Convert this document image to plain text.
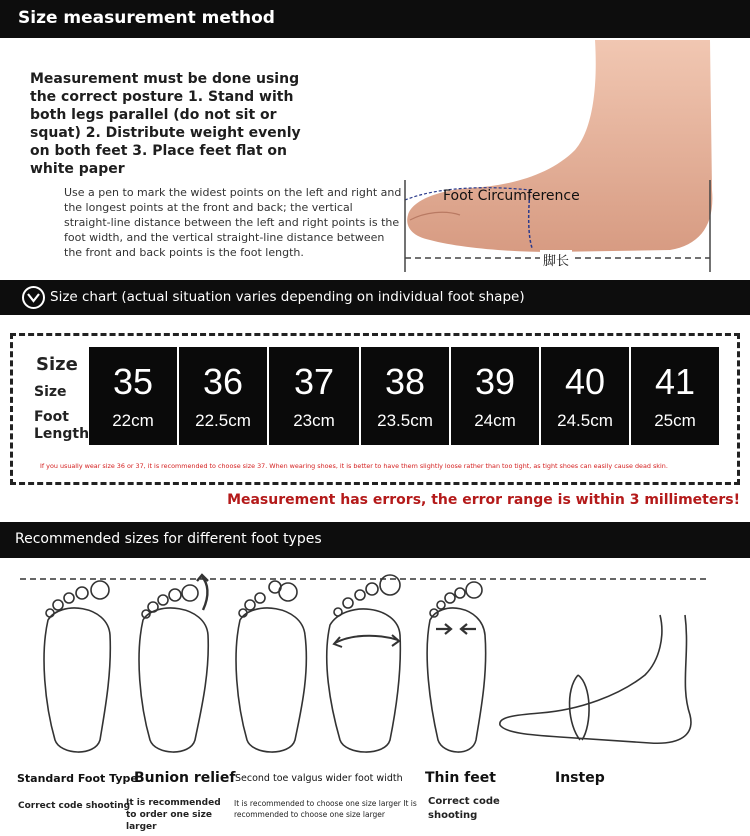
Size measurement method
Measurement must be done using the correct posture 1. Stand with both legs parallel (do not sit or squat) 2. Distribute weight evenly on both feet 3. Place feet flat on white paper
Use a pen to mark the widest points on the left and right and the longest points at the front and back; the vertical straight-line distance between the left and right points is the foot width, and the vertical straight-line distance between the front and back points is the foot length.
Foot Circumference
脚长
Size chart (actual situation varies depending on individual foot shape)
Size
Size
Foot Length
35
22cm
36
22.5cm
37
23cm
38
23.5cm
39
24cm
40
24.5cm
41
25cm
If you usually wear size 36 or 37, it is recommended to choose size 37. When wearing shoes, it is better to have them slightly loose rather than too tight, as tight shoes can easily cause dead skin.
Measurement has errors, the error range is within 3 millimeters!
Recommended sizes for different foot types
Standard Foot Type
Correct code shooting
Bunion relief
It is recommended to order one size larger
Second toe valgus wider foot width
It is recommended to choose one size larger It is recommended to choose one size larger
Thin feet
Correct code shooting
Instep
